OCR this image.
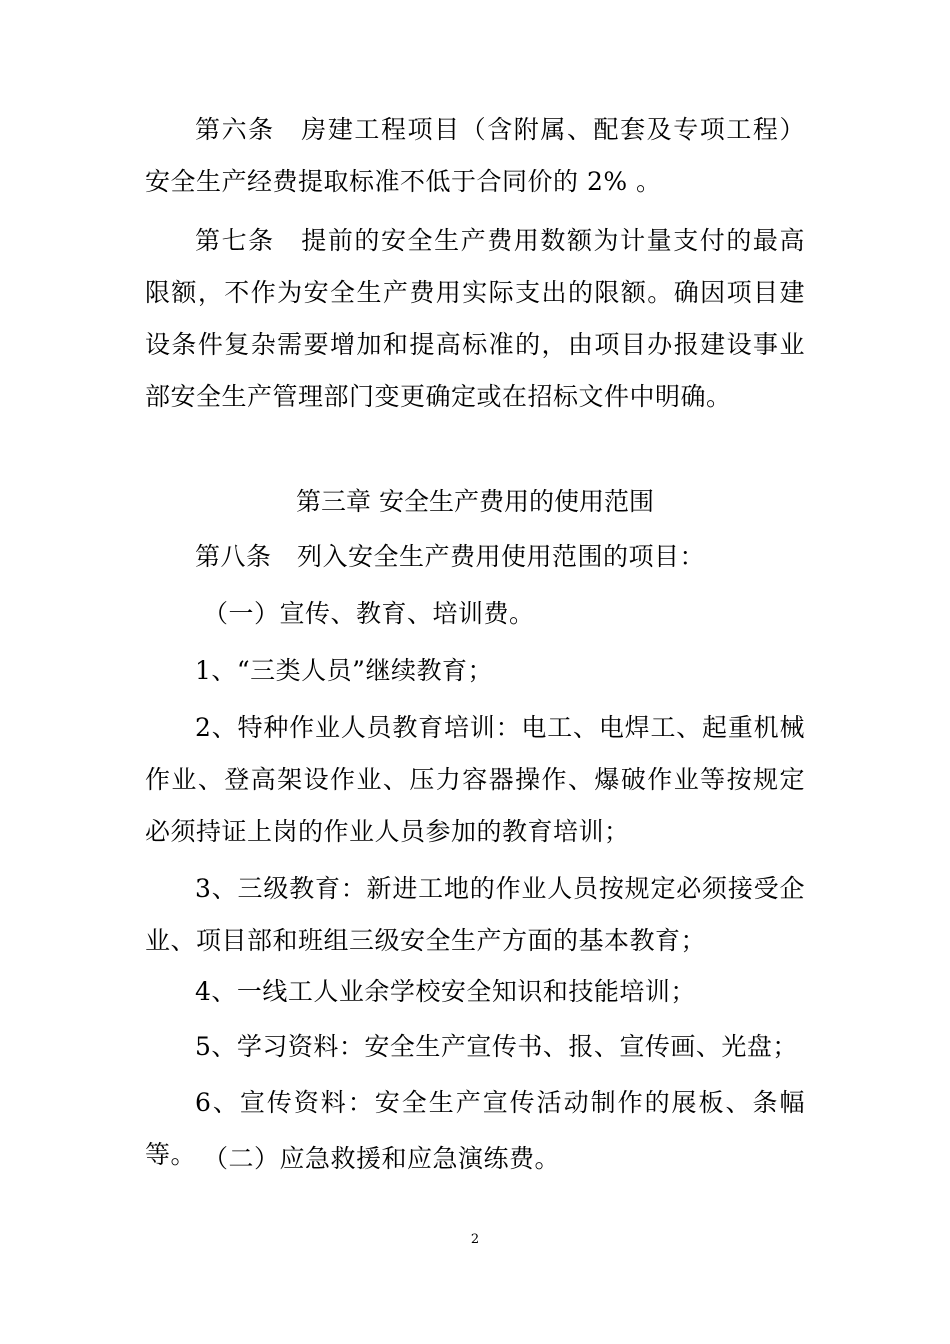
第六条　房建工程项目（含附属、配套及专项工程）安全生产经费提取标准不低于合同价的 2% 。

第七条　提前的安全生产费用数额为计量支付的最高限额，不作为安全生产费用实际支出的限额。确因项目建设条件复杂需要增加和提高标准的，由项目办报建设事业部安全生产管理部门变更确定或在招标文件中明确。

第三章 安全生产费用的使用范围

第八条　列入安全生产费用使用范围的项目：

（一）宣传、教育、培训费。

1、“三类人员”继续教育；

2、特种作业人员教育培训：电工、电焊工、起重机械作业、登高架设作业、压力容器操作、爆破作业等按规定必须持证上岗的作业人员参加的教育培训；

3、三级教育：新进工地的作业人员按规定必须接受企业、项目部和班组三级安全生产方面的基本教育；

4、一线工人业余学校安全知识和技能培训；

5、学习资料：安全生产宣传书、报、宣传画、光盘；

6、宣传资料：安全生产宣传活动制作的展板、条幅等。 （二）应急救援和应急演练费。

2
